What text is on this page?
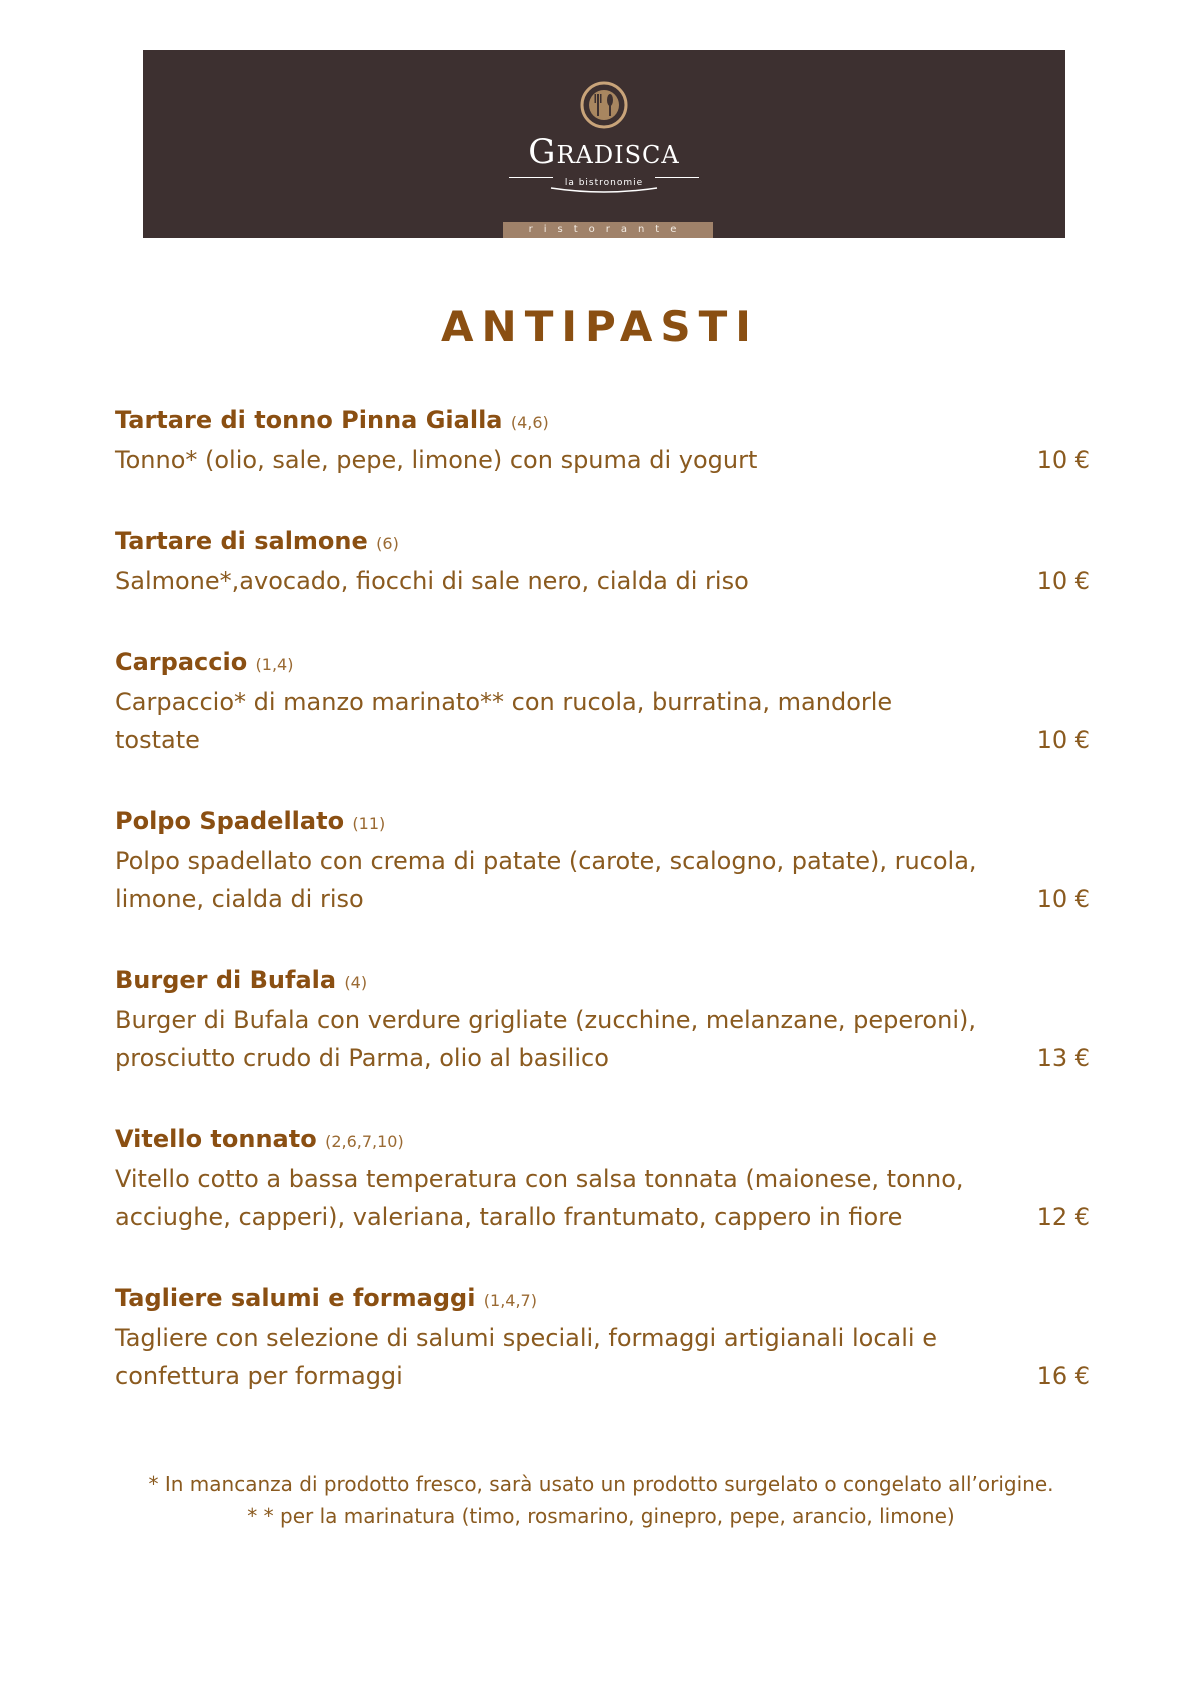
Gradisca
la bistronomie
ristorante
ANTIPASTI
Tartare di tonno Pinna Gialla (4,6)
Tonno* (olio, sale, pepe, limone) con spuma di yogurt	10 €
Tartare di salmone (6)
Salmone*,avocado, fiocchi di sale nero, cialda di riso	10 €
Carpaccio (1,4)
Carpaccio* di manzo marinato** con rucola, burratina, mandorle tostate	10 €
Polpo Spadellato (11)
Polpo spadellato con crema di patate (carote, scalogno, patate), rucola, limone, cialda di riso	10 €
Burger di Bufala (4)
Burger di Bufala con verdure grigliate (zucchine, melanzane, peperoni), prosciutto crudo di Parma, olio al basilico	13 €
Vitello tonnato (2,6,7,10)
Vitello cotto a bassa temperatura con salsa tonnata (maionese, tonno, acciughe, capperi), valeriana, tarallo frantumato, cappero in fiore	12 €
Tagliere salumi e formaggi (1,4,7)
Tagliere con selezione di salumi speciali, formaggi artigianali locali e confettura per formaggi	16 €

* In mancanza di prodotto fresco, sarà usato un prodotto surgelato o congelato all’origine.

* * per la marinatura (timo, rosmarino, ginepro, pepe, arancio, limone)
